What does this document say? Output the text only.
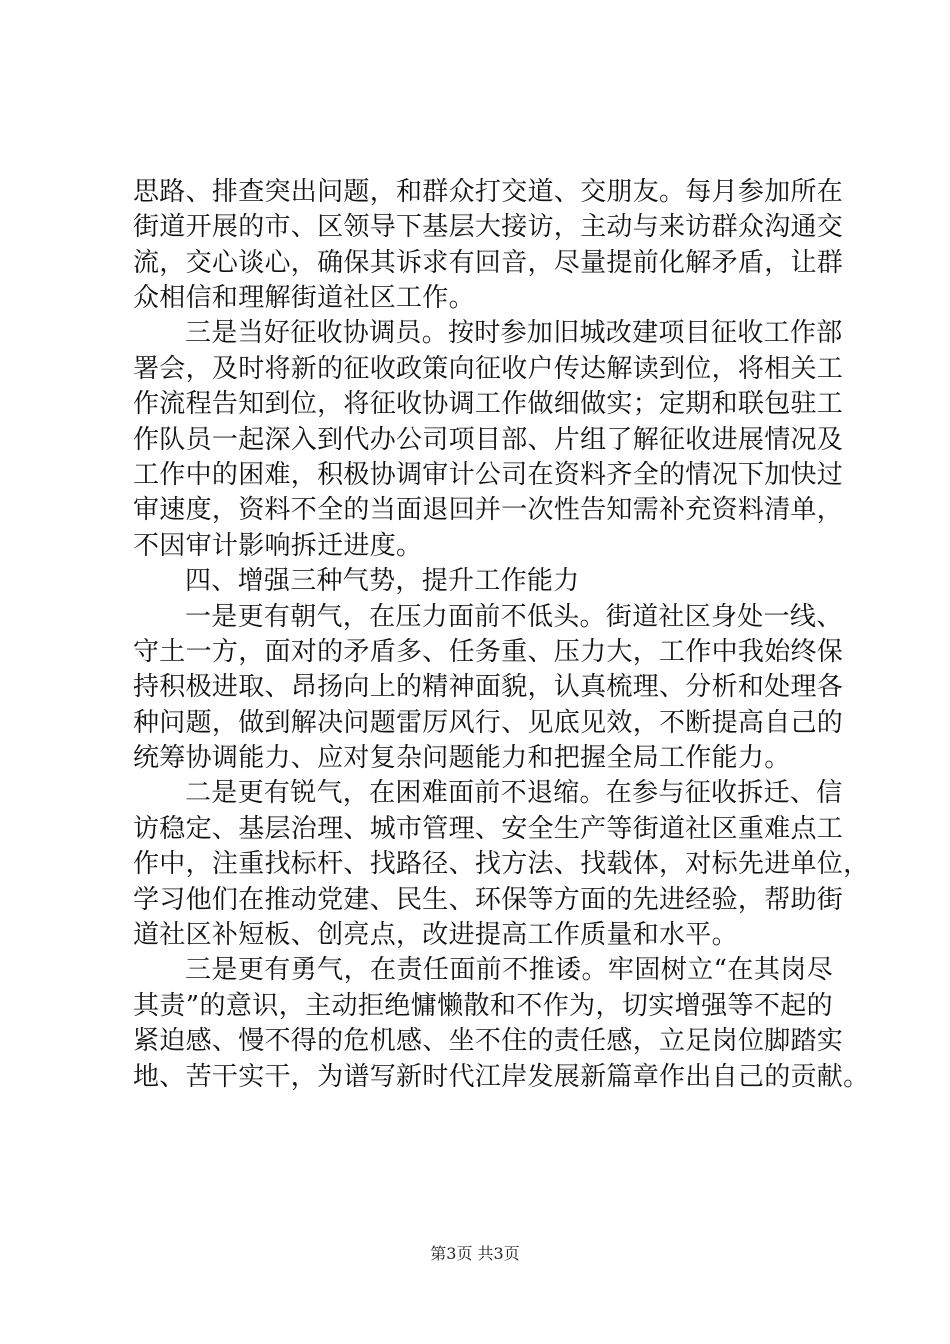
思路、排查突出问题，和群众打交道、交朋友。每月参加所在
街道开展的市、区领导下基层大接访，主动与来访群众沟通交
流，交心谈心，确保其诉求有回音，尽量提前化解矛盾，让群
众相信和理解街道社区工作。
三是当好征收协调员。按时参加旧城改建项目征收工作部
署会，及时将新的征收政策向征收户传达解读到位，将相关工
作流程告知到位，将征收协调工作做细做实；定期和联包驻工
作队员一起深入到代办公司项目部、片组了解征收进展情况及
工作中的困难，积极协调审计公司在资料齐全的情况下加快过
审速度，资料不全的当面退回并一次性告知需补充资料清单，
不因审计影响拆迁进度。
四、增强三种气势，提升工作能力
一是更有朝气，在压力面前不低头。街道社区身处一线、
守土一方，面对的矛盾多、任务重、压力大，工作中我始终保
持积极进取、昂扬向上的精神面貌，认真梳理、分析和处理各
种问题，做到解决问题雷厉风行、见底见效，不断提高自己的
统筹协调能力、应对复杂问题能力和把握全局工作能力。
二是更有锐气，在困难面前不退缩。在参与征收拆迁、信
访稳定、基层治理、城市管理、安全生产等街道社区重难点工
作中，注重找标杆、找路径、找方法、找载体，对标先进单位，
学习他们在推动党建、民生、环保等方面的先进经验，帮助街
道社区补短板、创亮点，改进提高工作质量和水平。
三是更有勇气，在责任面前不推诿。牢固树立“在其岗尽
其责”的意识，主动拒绝慵懒散和不作为，切实增强等不起的
紧迫感、慢不得的危机感、坐不住的责任感，立足岗位脚踏实
地、苦干实干，为谱写新时代江岸发展新篇章作出自己的贡献。
第3页 共3页
